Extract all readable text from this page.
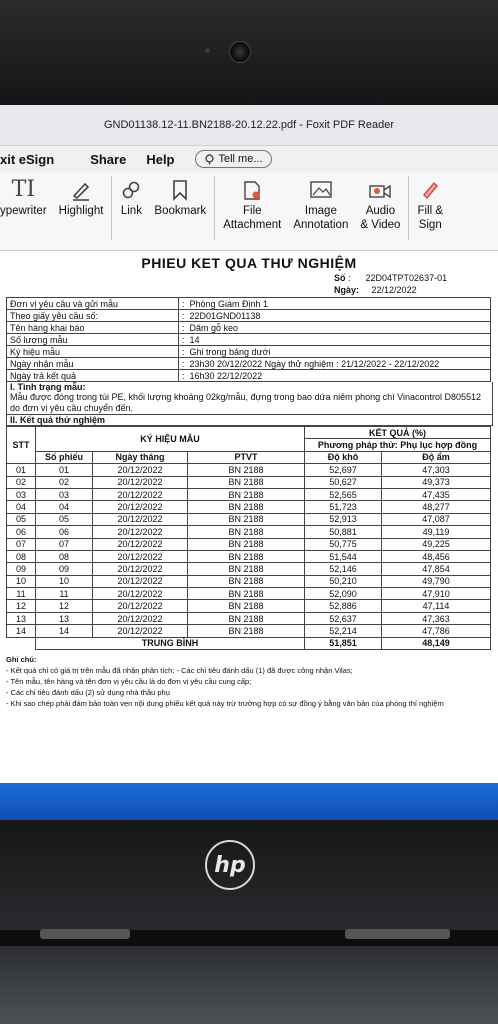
GND01138.12-11.BN2188-20.12.22.pdf - Foxit PDF Reader
xit eSign	Share	Help	Tell me...
TI
ypewriter Highlight Link Bookmark	File
Attachment
Image
Annotation
Audio
& Video
Fill &
Sign
PHIEU KET QUA THƯ NGHIỆM
Số :      22D04TPT02637-01
Ngày: 22/12/2022
Đơn vị yêu cầu và gửi mẫu	:  Phòng Giám Định 1
Theo giấy yêu cầu số:	:  22D01GND01138
Tên hàng khai báo	:  Dăm gỗ keo
Số lượng mẫu	:  14
Ký hiệu mẫu	:  Ghi trong bảng dưới
Ngày nhận mẫu	:  23h30 20/12/2022 Ngày thử nghiệm : 21/12/2022 - 22/12/2022
Ngày trả kết quả	:  16h30 22/12/2022
I. Tình trạng mẫu:
Mẫu được đóng trong túi PE, khối lượng khoảng 02kg/mẫu, đựng trong bao dứa niêm phong chì Vinacontrol D805512 do đơn vị yêu cầu chuyển đến.
II. Kết quả thử nghiệm
STT	KÝ HIỆU MẪU			KẾT QUẢ (%)	
				Phương pháp thử: Phụ lục hợp đồng	
	Số phiếu	Ngày tháng	PTVT	Độ khô	Độ ẩm
01	01	20/12/2022	BN 2188	52,697	47,303
02	02	20/12/2022	BN 2188	50,627	49,373
03	03	20/12/2022	BN 2188	52,565	47,435
04	04	20/12/2022	BN 2188	51,723	48,277
05	05	20/12/2022	BN 2188	52,913	47,087
06	06	20/12/2022	BN 2188	50,881	49,119
07	07	20/12/2022	BN 2188	50,775	49,225
08	08	20/12/2022	BN 2188	51,544	48,456
09	09	20/12/2022	BN 2188	52,146	47,854
10	10	20/12/2022	BN 2188	50,210	49,790
11	11	20/12/2022	BN 2188	52,090	47,910
12	12	20/12/2022	BN 2188	52,886	47,114
13	13	20/12/2022	BN 2188	52,637	47,363
14	14	20/12/2022	BN 2188	52,214	47,786
	TRUNG BÌNH			51,851	48,149
Ghi chú:
- Kết quả chỉ có giá trị trên mẫu đã nhận phân tích; - Các chỉ tiêu đánh dấu (1) đã được công nhận Vilas;
- Tên mẫu, tên hàng và tên đơn vị yêu cầu là do đơn vị yêu cầu cung cấp;
- Các chỉ tiêu đánh dấu (2) sử dụng nhà thầu phụ
- Khi sao chép phải đảm bảo toàn vẹn nội dung phiếu kết quả này trừ trường hợp có sự đồng ý bằng văn bản của phòng thí nghiệm
hp
